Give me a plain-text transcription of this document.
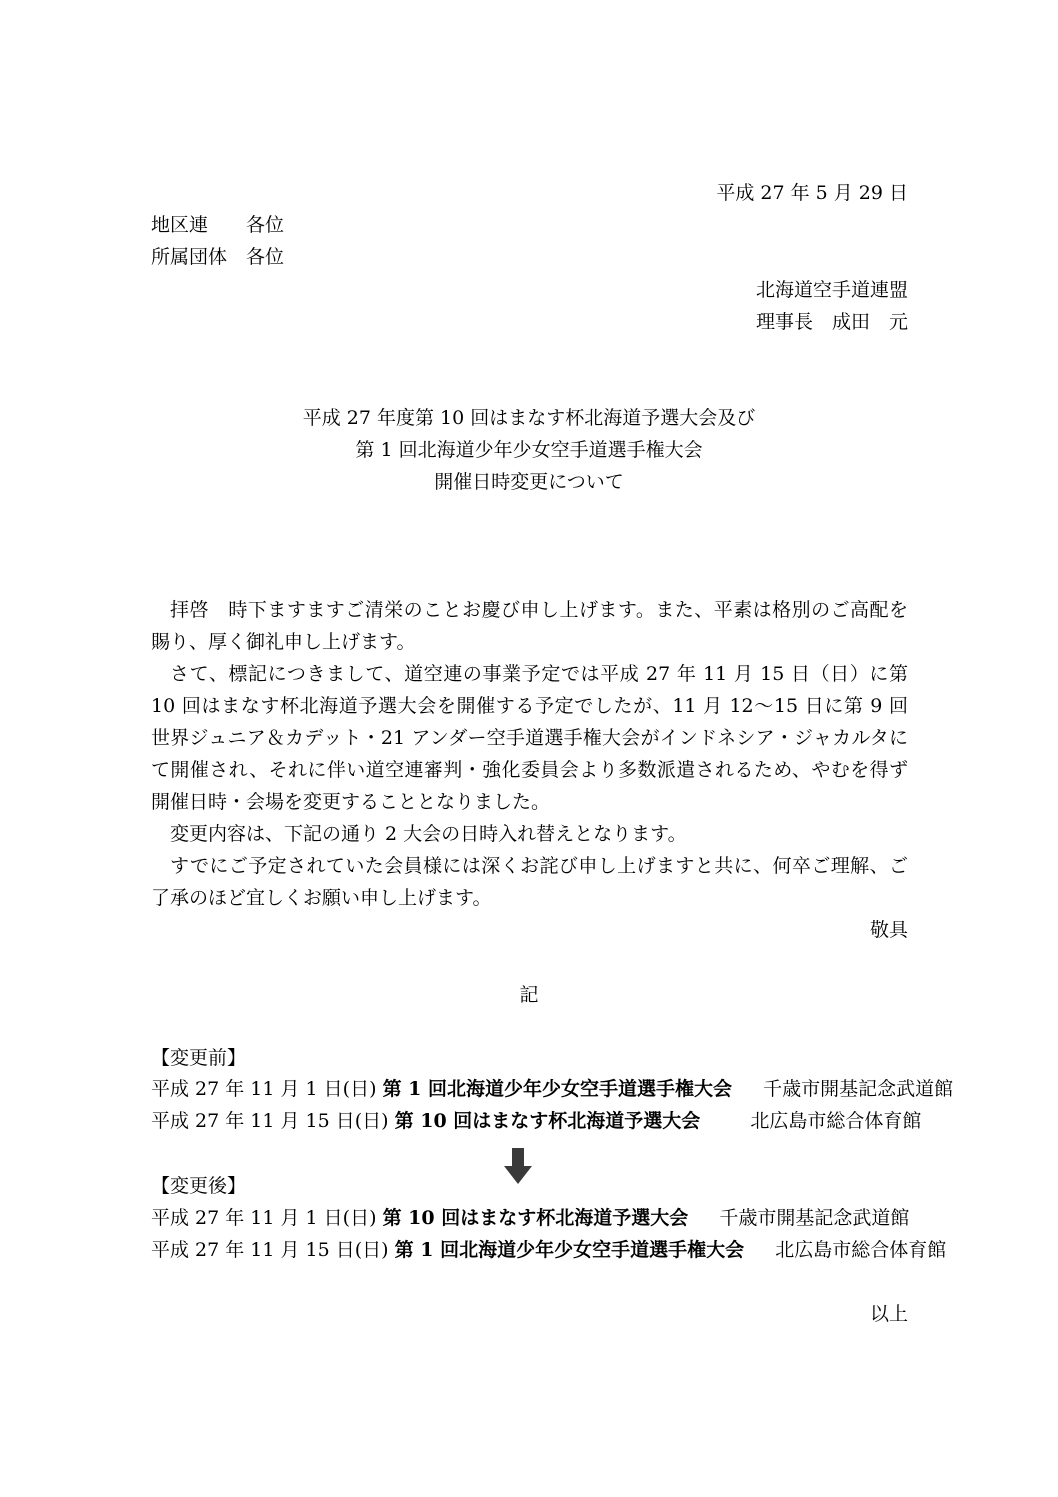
平成 27 年 5 月 29 日
地区連　　各位
所属団体　各位
北海道空手道連盟
理事長　成田　元
平成 27 年度第 10 回はまなす杯北海道予選大会及び
第 1 回北海道少年少女空手道選手権大会
開催日時変更について

拝啓　時下ますますご清栄のことお慶び申し上げます。また、平素は格別のご高配を賜り、厚く御礼申し上げます。

さて、標記につきまして、道空連の事業予定では平成 27 年 11 月 15 日（日）に第 10 回はまなす杯北海道予選大会を開催する予定でしたが、11 月 12〜15 日に第 9 回 世界ジュニア＆カデット・21 アンダー空手道選手権大会がインドネシア・ジャカルタにて開催され、それに伴い道空連審判・強化委員会より多数派遣されるため、やむを得ず開催日時・会場を変更することとなりました。

変更内容は、下記の通り 2 大会の日時入れ替えとなります。

すでにご予定されていた会員様には深くお詫び申し上げますと共に、何卒ご理解、ご了承のほど宜しくお願い申し上げます。

敬具
記
【変更前】
平成 27 年 11 月 1 日(日) 第 1 回北海道少年少女空手道選手権大会 　 千歳市開基記念武道館
平成 27 年 11 月 15 日(日) 第 10 回はまなす杯北海道予選大会 　　	北広島市総合体育館
【変更後】
平成 27 年 11 月 1 日(日) 第 10 回はまなす杯北海道予選大会 　 千歳市開基記念武道館
平成 27 年 11 月 15 日(日) 第 1 回北海道少年少女空手道選手権大会 　 北広島市総合体育館
以上
